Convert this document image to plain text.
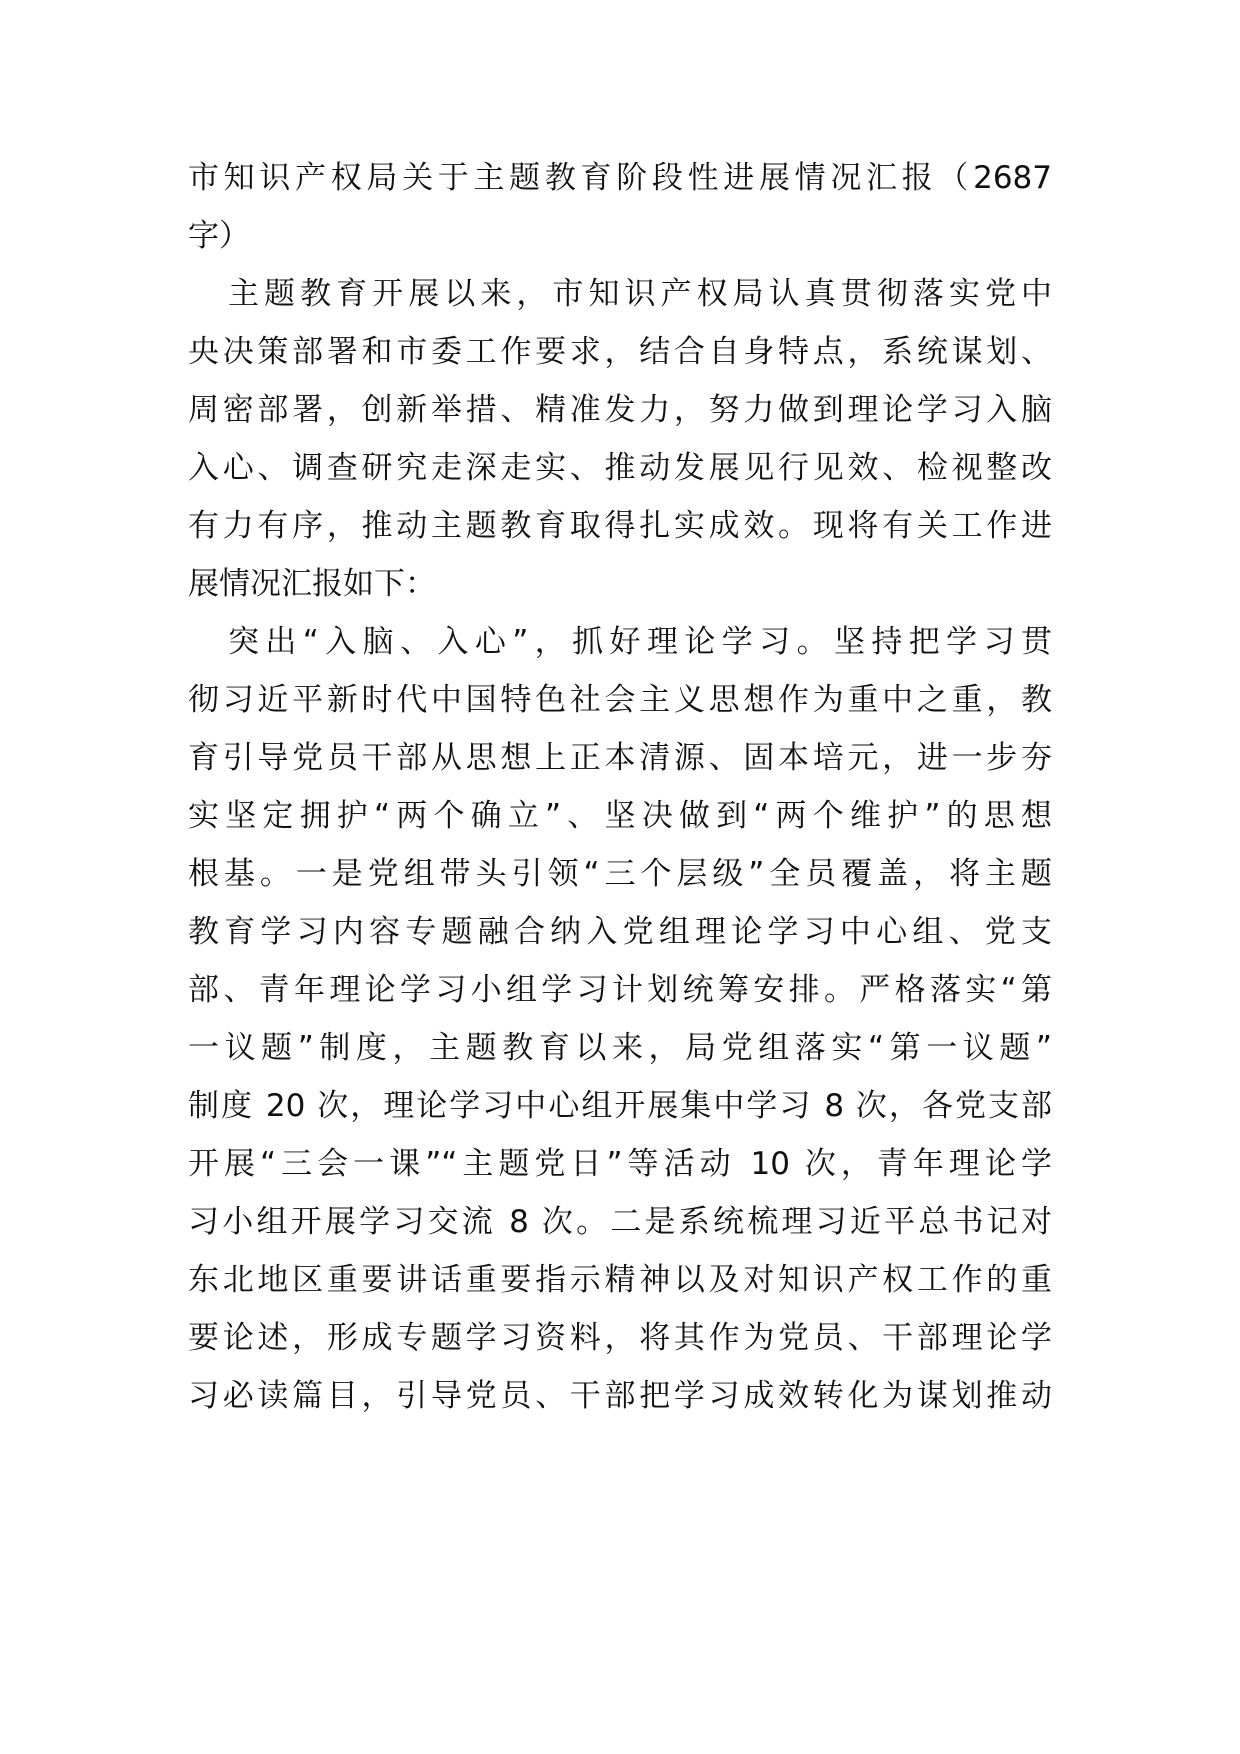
市知识产权局关于主题教育阶段性进展情况汇报（2687
字）
主题教育开展以来，市知识产权局认真贯彻落实党中
央决策部署和市委工作要求，结合自身特点，系统谋划、
周密部署，创新举措、精准发力，努力做到理论学习入脑
入心、调查研究走深走实、推动发展见行见效、检视整改
有力有序，推动主题教育取得扎实成效。现将有关工作进
展情况汇报如下：
突出“入脑、入心”，抓好理论学习。坚持把学习贯
彻习近平新时代中国特色社会主义思想作为重中之重，教
育引导党员干部从思想上正本清源、固本培元，进一步夯
实坚定拥护“两个确立”、坚决做到“两个维护”的思想
根基。一是党组带头引领“三个层级”全员覆盖，将主题
教育学习内容专题融合纳入党组理论学习中心组、党支
部、青年理论学习小组学习计划统筹安排。严格落实“第
一议题”制度，主题教育以来，局党组落实“第一议题”
制度 20 次，理论学习中心组开展集中学习 8 次，各党支部
开展“三会一课”“主题党日”等活动 10 次，青年理论学
习小组开展学习交流 8 次。二是系统梳理习近平总书记对
东北地区重要讲话重要指示精神以及对知识产权工作的重
要论述，形成专题学习资料，将其作为党员、干部理论学
习必读篇目，引导党员、干部把学习成效转化为谋划推动
